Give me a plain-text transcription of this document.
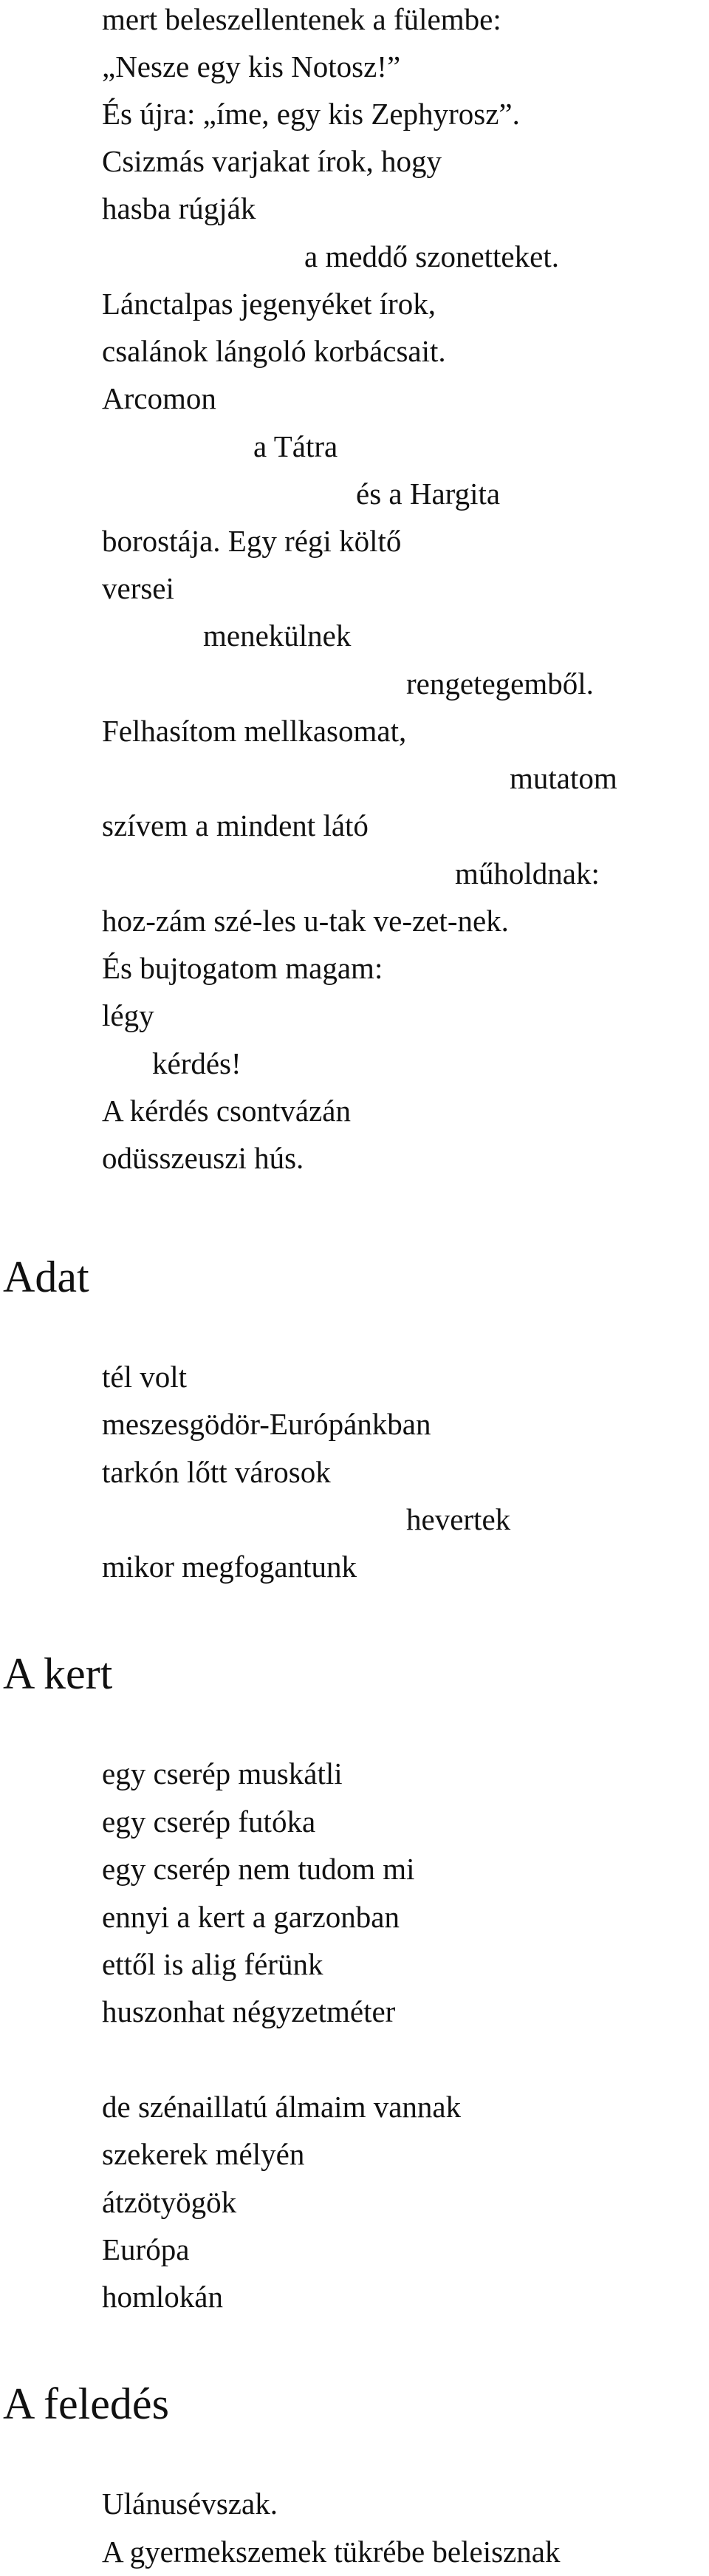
mert beleszellentenek a fülembe:
„Nesze egy kis Notosz!”
És újra: „íme, egy kis Zephyrosz”.
Csizmás varjakat írok, hogy
hasba rúgják
a meddő szonetteket.
Lánctalpas jegenyéket írok,
csalánok lángoló korbácsait.
Arcomon
a Tátra
és a Hargita
borostája. Egy régi költő
versei
menekülnek
rengetegemből.
Felhasítom mellkasomat,
mutatom
szívem a mindent látó
műholdnak:
hoz-zám szé-les u-tak ve-zet-nek.
És bujtogatom magam:
légy
kérdés!
A kérdés csontvázán
odüsszeuszi hús.
Adat
tél volt
meszesgödör-Európánkban
tarkón lőtt városok
hevertek
mikor megfogantunk
A kert
egy cserép muskátli
egy cserép futóka
egy cserép nem tudom mi
ennyi a kert a garzonban
ettől is alig férünk
huszonhat négyzetméter
de szénaillatú álmaim vannak
szekerek mélyén
átzötyögök
Európa
homlokán
A feledés
Ulánusévszak.
A gyermekszemek tükrébe beleisznak
